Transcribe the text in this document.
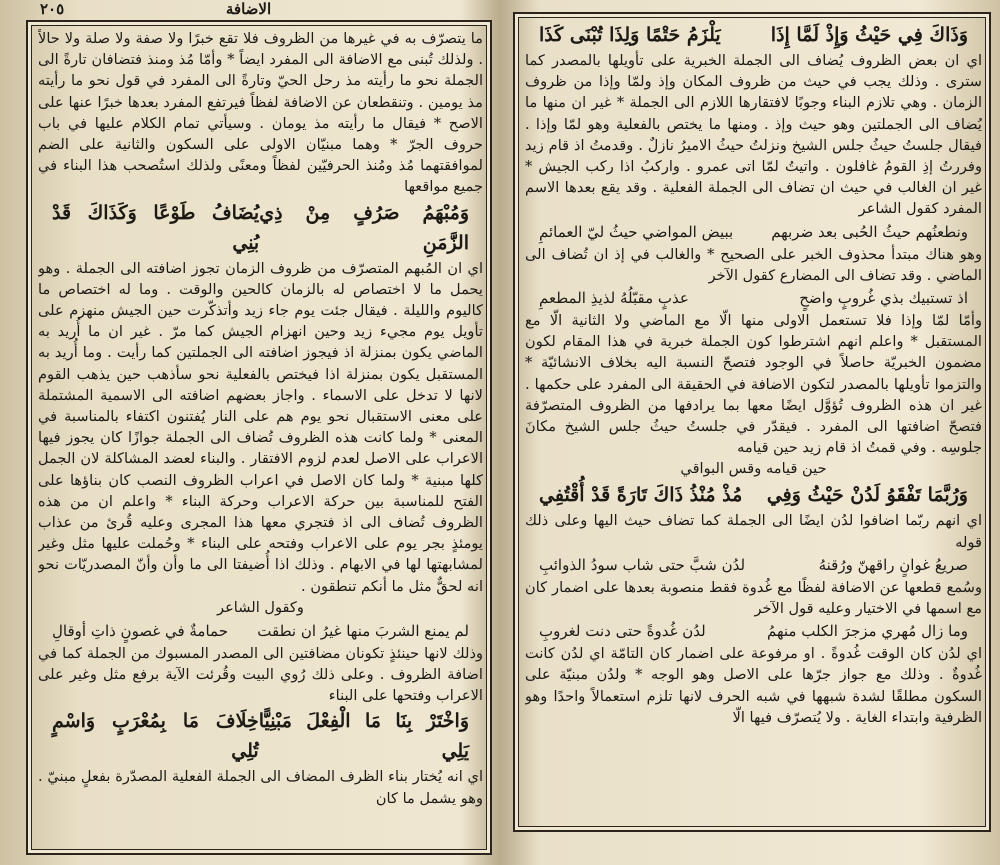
٢٠٥	الاضافة

ما يتصرّف به في غيرها من الظروف فلا تقع خبرًا ولا صفة ولا صلة ولا حالاً . ولذلك تُبنى مع الاضافة الى المفرد ايضاً * وأمّا مُذ ومنذ فتضافان تارةً الى الجملة نحو ما رأيته مذ رحل الحيّ وتارةً الى المفرد في قول نحو ما رأيته مذ يومين . وتنقطعان عن الاضافة لفظاً فيرتفع المفرد بعدها خبرًا عنها على الاصح * فيقال ما رأيته مذ يومان . وسيأتي تمام الكلام عليها في باب حروف الجرّ * وهما مبنيّان الاولى على السكون والثانية على الضم لموافقتهما مُذ ومُنذ الحرفيّين لفظاً ومعنًى ولذلك استُصحب هذا البناء في جميع مواقعها

وَمُبْهَمُ صَرُفٍ مِنْ ذِي الزَّمَنِ
يُضَافُ طَوْعًا وَكَذَاكَ قَدْ بُنِي

اي ان المُبهم المتصرّف من ظروف الزمان تجوز اضافته الى الجملة . وهو يحمل ما لا اختصاص له بالزمان كالحين والوقت . وما له اختصاص ما كاليوم والليلة . فيقال جئت يوم جاء زيد وأتذكّرت حين الجيش منهزم على تأويل يوم مجيء زيد وحين انهزام الجيش كما مرّ . غير ان ما أُريد به الماضي يكون بمنزلة اذ فيجوز اضافته الى الجملتين كما رأيت . وما أُريد به المستقبل يكون بمنزلة اذا فيختص بالفعلية نحو سأذهب حين يذهب القوم لانها لا تدخل على الاسماء . واجاز بعضهم اضافته الى الاسمية المشتملة على معنى الاستقبال نحو يوم هم على النار يُفتنون اكتفاء بالمناسبة في المعنى * ولما كانت هذه الظروف تُضاف الى الجملة جوازًا كان يجوز فيها الاعراب على الاصل لعدم لزوم الافتقار . والبناء لعضد المشاكلة لان الجمل كلها مبنية * ولما كان الاصل في اعراب الظروف النصب كان بناؤها على الفتح للمناسبة بين حركة الاعراب وحركة البناء * واعلم ان من هذه الظروف تُضاف الى اذ فتجري معها هذا المجرى وعليه قُرئ من عذاب يومئذٍ بجر يوم على الاعراب وفتحه على البناء * وحُملت عليها مثل وغير لمشابهتها لها في الابهام . وذلك اذا أُضيفتا الى ما وأن وأنّ المصدريّات نحو انه لحقٌّ مثل ما أنكم تنطقون .

وكقول الشاعر
لم يمنع الشربَ منها غيرُ ان نطقت
حمامةٌ في غصونٍ ذاتِ أوقالِ

وذلك لانها حينئذٍ تكونان مضافتين الى المصدر المسبوك من الجملة كما في اضافة الظروف . وعلى ذلك رُوي البيت وقُرئت الآية برفع مثل وغير على الاعراب وفتحها على البناء

وَاخْتَرْ بِنَا مَا الْفِعْلَ مَبْنِيًّا يَلِي
خِلَافَ مَا بِمُعْرَبٍ وَاسْمٍ تُلِي

اي انه يُختار بناء الظرف المضاف الى الجملة الفعلية المصدّرة بفعلٍ مبنيّ . وهو يشمل ما كان

وَذَاكَ فِي حَيْثُ وَإِذْ لَمَّا إِذَا
يَلْزَمُ حَتْمًا وَلِذَا تُبْنَى كَذَا

اي ان بعض الظروف يُضاف الى الجملة الخبرية على تأويلها بالمصدر كما سترى . وذلك يجب في حيث من ظروف المكان وإذ ولمّا وإذا من ظروف الزمان . وهي تلازم البناء وجوبًا لافتقارها اللازم الى الجملة * غير ان منها ما يُضاف الى الجملتين وهو حيث وإذ . ومنها ما يختص بالفعلية وهو لمّا وإذا . فيقال جلستُ حيثُ جلس الشيخ ونزلتُ حيثُ الاميرُ نازلٌ . وقدمتُ اذ قام زيد وفررتُ إذِ القومُ غافلون . واتيتُ لمّا اتى عمرو . واركبُ اذا ركب الجيش * غير ان الغالب في حيث ان تضاف الى الجملة الفعلية . وقد يقع بعدها الاسم المفرد كقول الشاعر

ونطعنُهم حيثُ الحُبى بعد ضربهم
ببيض المواضي حيثُ ليّ العمائمِ

وهو هناك مبتدأ محذوف الخبر على الصحيح * والغالب في إذ ان تُضاف الى الماضي . وقد تضاف الى المضارع كقول الآخر

اذ تستبيك بذي غُروبٍ واضحٍ
عذبٍ مقبّلُهُ لذيذِ المطعمِ

وأمّا لمّا وإذا فلا تستعمل الاولى منها الّا مع الماضي ولا الثانية الّا مع المستقبل * واعلم انهم اشترطوا كون الجملة خبرية في هذا المقام لكون مضمون الخبريّة حاصلاً في الوجود فتصحّ النسبة اليه بخلاف الانشائيّة * والتزموا تأويلها بالمصدر لتكون الاضافة في الحقيقة الى المفرد على حكمها . غير ان هذه الظروف تُؤوَّل ايضًا معها بما يرادفها من الظروف المتصرّفة فتصحّ اضافتها الى المفرد . فيقدّر في جلستُ حيثُ جلس الشيخ مكانَ جلوسِه . وفي قمتُ اذ قام زيد حين قيامه

حين قيامه وقس البواقي
وَرُبَّمَا تَفْقَوُ لَدُنْ حَيْثُ وَفِي
مُذْ مُنْذُ ذَاكَ تَارَةً قَدْ أُقْتُفِي

اي انهم ربّما اضافوا لدُن ايضًا الى الجملة كما تضاف حيث اليها وعلى ذلك قوله

صريعُ غوانٍ راقهنّ ورُقنهُ
لدُن شبَّ حتى شاب سودُ الذوائبِ

وسُمع قطعها عن الاضافة لفظًا مع غُدوة فقط منصوبة بعدها على اضمار كان مع اسمها في الاختيار وعليه قول الآخر

وما زال مُهري مزجرَ الكلب منهمُ
لدُن غُدوةً حتى دنت لغروبِ

اي لدُن كان الوقت غُدوةً . او مرفوعة على اضمار كان التامّة اي لدُن كانت غُدوةٌ . وذلك مع جواز جرّها على الاصل وهو الوجه * ولدُن مبنيّة على السكون مطلقًا لشدة شبهها في شبه الحرف لانها تلزم استعمالاً واحدًا وهو الظرفية وابتداء الغاية . ولا يُتصرّف فيها الّا
